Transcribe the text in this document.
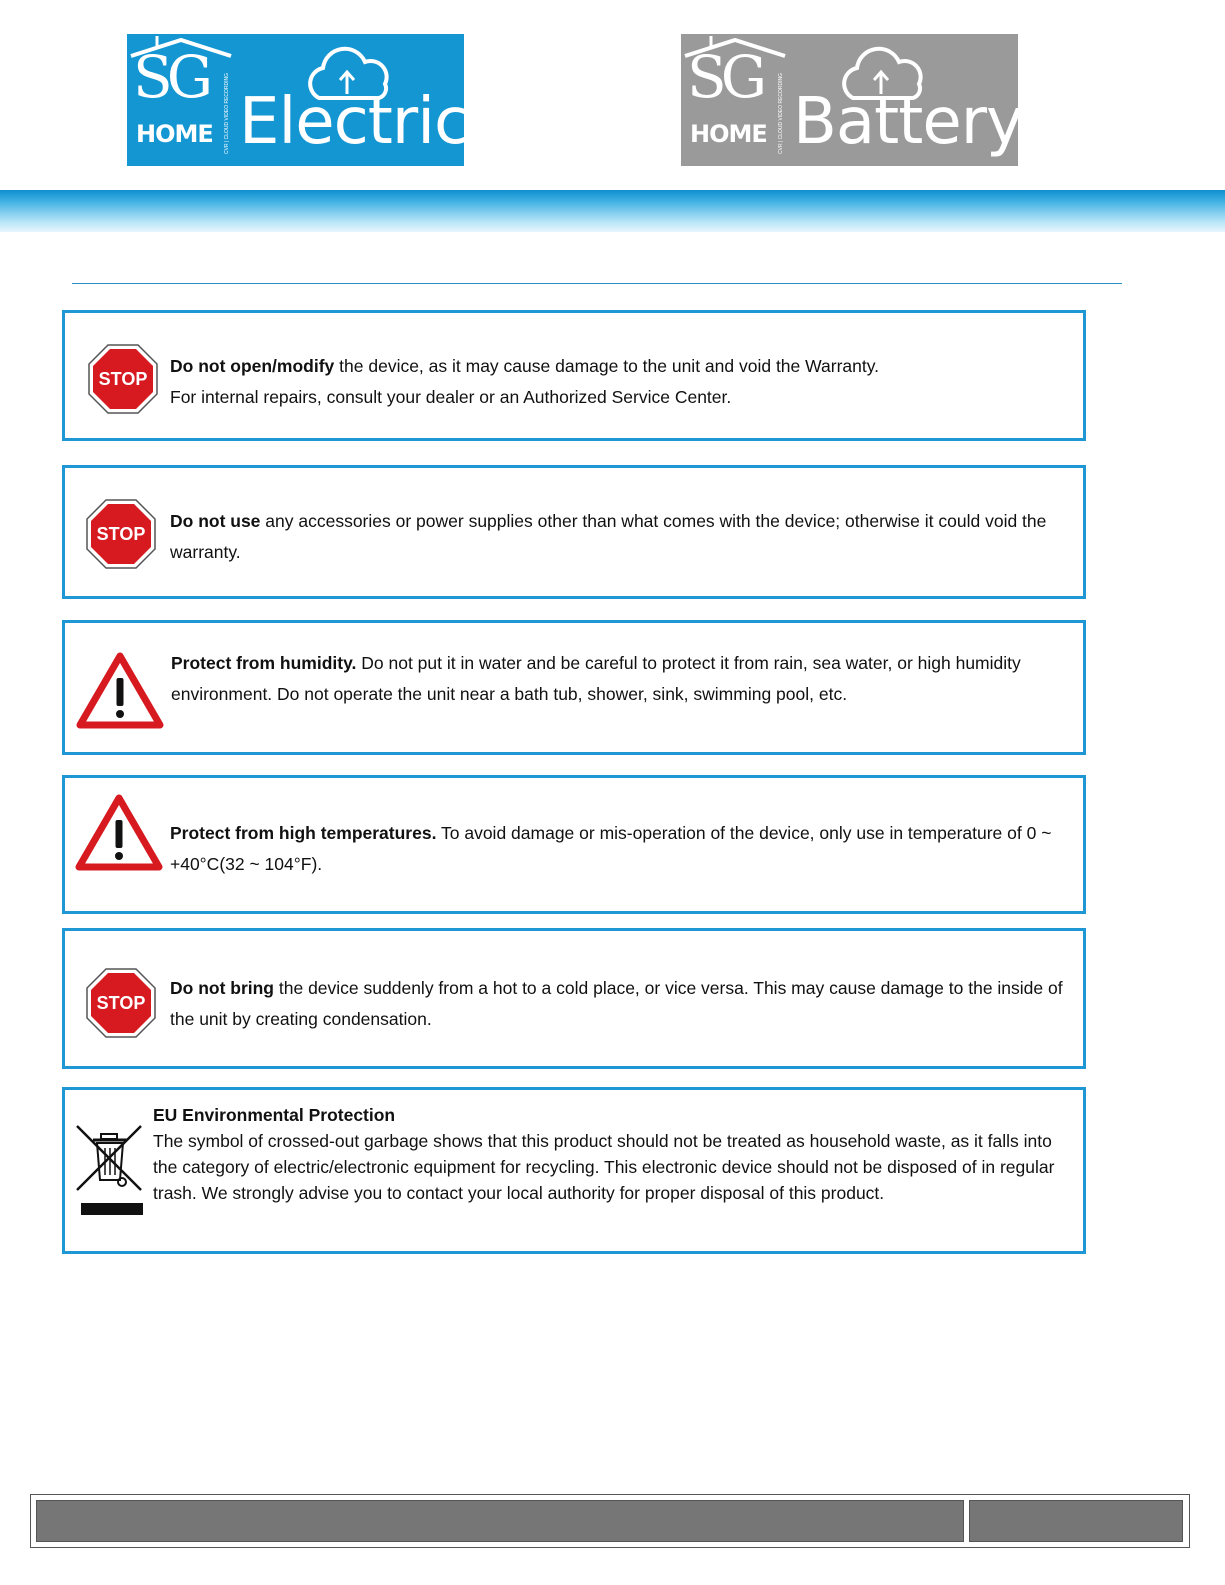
SG
HOME CVR | CLOUD VIDEO RECORDING Electric
SG
HOME CVR | CLOUD VIDEO RECORDING Battery
STOP
Do not open/modify the device, as it may cause damage to the unit and void the Warranty.
For internal repairs, consult your dealer or an Authorized Service Center.
STOP
Do not use any accessories or power supplies other than what comes with the device; otherwise it could void the warranty.
Protect from humidity. Do not put it in water and be careful to protect it from rain, sea water, or high humidity environment. Do not operate the unit near a bath tub, shower, sink, swimming pool, etc.
Protect from high temperatures. To avoid damage or mis-operation of the device, only use in temperature of 0 ~ +40°C(32 ~ 104°F).
STOP
Do not bring the device suddenly from a hot to a cold place, or vice versa. This may cause damage to the inside of the unit by creating condensation.
EU Environmental Protection
The symbol of crossed-out garbage shows that this product should not be treated as household waste, as it falls into the category of electric/electronic equipment for recycling. This electronic device should not be disposed of in regular trash. We strongly advise you to contact your local authority for proper disposal of this product.
